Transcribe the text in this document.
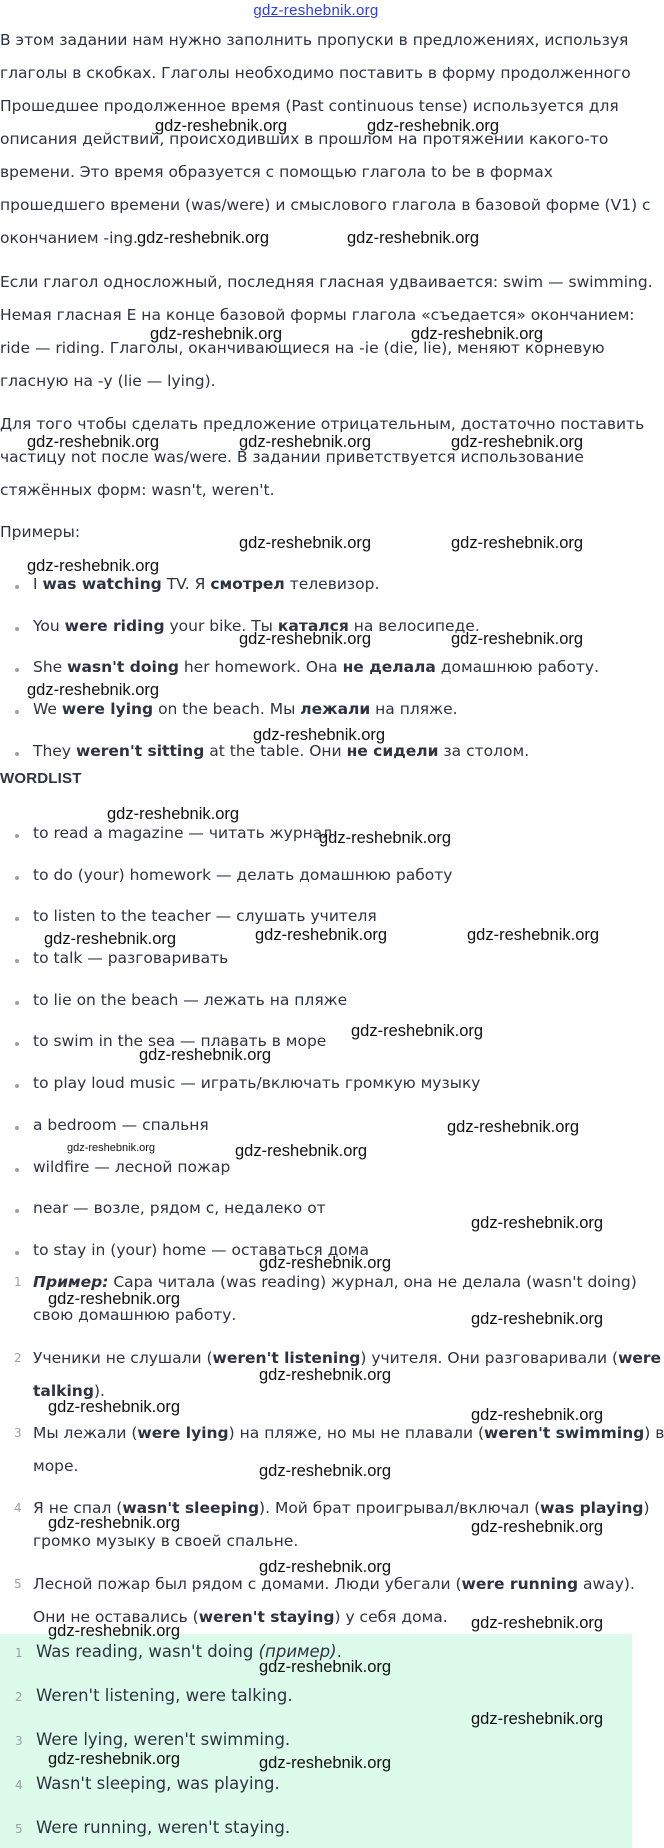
gdz-reshebnik.org
В этом задании нам нужно заполнить пропуски в предложениях, используя
глаголы в скобках. Глаголы необходимо поставить в форму продолженного
Прошедшее продолженное время (Past continuous tense) используется для
описания действий, происходивших в прошлом на протяжении какого-то
времени. Это время образуется с помощью глагола to be в формах
прошедшего времени (was/were) и смыслового глагола в базовой форме (V1) с
окончанием -ing.
Если глагол односложный, последняя гласная удваивается: swim — swimming.
Немая гласная E на конце базовой формы глагола «съедается» окончанием:
ride — riding. Глаголы, оканчивающиеся на -ie (die, lie), меняют корневую
гласную на -y (lie — lying).
Для того чтобы сделать предложение отрицательным, достаточно поставить
частицу not после was/were. В задании приветствуется использование
стяжённых форм: wasn't, weren't.
Примеры:
I was watching TV. Я смотрел телевизор.
You were riding your bike. Ты катался на велосипеде.
She wasn't doing her homework. Она не делала домашнюю работу.
We were lying on the beach. Мы лежали на пляже.
They weren't sitting at the table. Они не сидели за столом.
WORDLIST
to read a magazine — читать журнал
to do (your) homework — делать домашнюю работу
to listen to the teacher — слушать учителя
to talk — разговаривать
to lie on the beach — лежать на пляже
to swim in the sea — плавать в море
to play loud music — играть/включать громкую музыку
a bedroom — спальня
wildfire — лесной пожар
near — возле, рядом с, недалеко от
to stay in (your) home — оставаться дома
1 Пример: Сара читала (was reading) журнал, она не делала (wasn't doing)
свою домашнюю работу.
2 Ученики не слушали (weren't listening) учителя. Они разговаривали (were
talking).
3 Мы лежали (were lying) на пляже, но мы не плавали (weren't swimming) в
море.
4 Я не спал (wasn't sleeping). Мой брат проигрывал/включал (was playing)
громко музыку в своей спальне.
5 Лесной пожар был рядом с домами. Люди убегали (were running away).
Они не оставались (weren't staying) у себя дома.
1 Was reading, wasn't doing (пример).
2 Weren't listening, were talking.
3 Were lying, weren't swimming.
4 Wasn't sleeping, was playing.
5 Were running, weren't staying.
gdz-reshebnik.org	gdz-reshebnik.org
gdz-reshebnik.org	gdz-reshebnik.org
gdz-reshebnik.org	gdz-reshebnik.org
gdz-reshebnik.org	gdz-reshebnik.org	gdz-reshebnik.org
gdz-reshebnik.org	gdz-reshebnik.org
gdz-reshebnik.org
gdz-reshebnik.org	gdz-reshebnik.org
gdz-reshebnik.org
gdz-reshebnik.org
gdz-reshebnik.org
gdz-reshebnik.org
gdz-reshebnik.org	gdz-reshebnik.org	gdz-reshebnik.org
gdz-reshebnik.org
gdz-reshebnik.org
gdz-reshebnik.org
gdz-reshebnik.org	gdz-reshebnik.org
gdz-reshebnik.org
gdz-reshebnik.org
gdz-reshebnik.org
gdz-reshebnik.org
gdz-reshebnik.org
gdz-reshebnik.org	gdz-reshebnik.org
gdz-reshebnik.org
gdz-reshebnik.org	gdz-reshebnik.org
gdz-reshebnik.org
gdz-reshebnik.org
gdz-reshebnik.org
gdz-reshebnik.org
gdz-reshebnik.org
gdz-reshebnik.org	gdz-reshebnik.org
